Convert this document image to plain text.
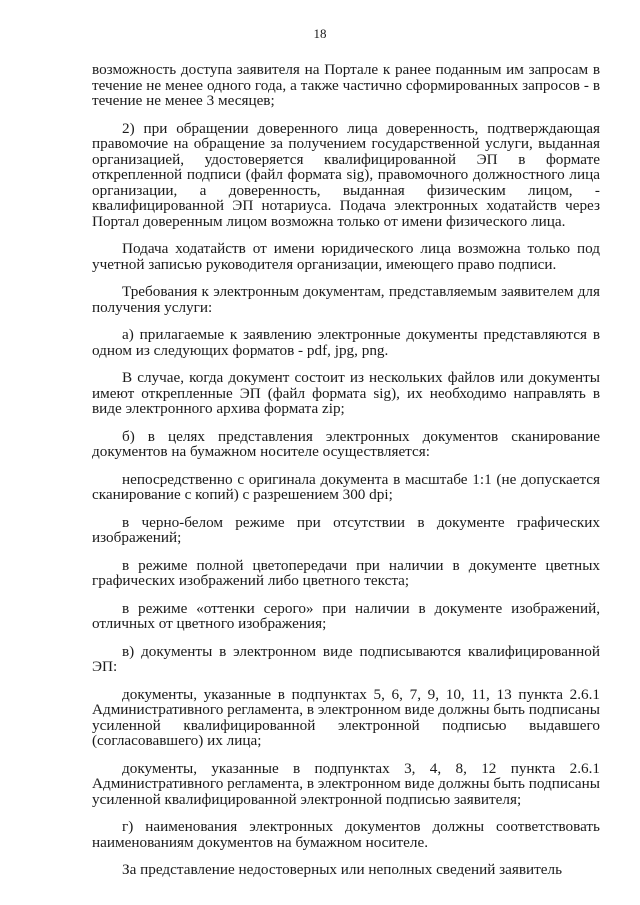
18

возможность доступа заявителя на Портале к ранее поданным им запросам в течение не менее одного года, а также частично сформированных запросов - в течение не менее 3 месяцев;

2) при обращении доверенного лица доверенность, подтверждающая правомочие на обращение за получением государственной услуги, выданная организацией, удостоверяется квалифицированной ЭП в формате открепленной подписи (файл формата sig), правомочного должностного лица организации, а доверенность, выданная физическим лицом, - квалифицированной ЭП нотариуса. Подача электронных ходатайств через Портал доверенным лицом возможна только от имени физического лица.

Подача ходатайств от имени юридического лица возможна только под учетной записью руководителя организации, имеющего право подписи.

Требования к электронным документам, представляемым заявителем для получения услуги:

а) прилагаемые к заявлению электронные документы представляются в одном из следующих форматов - pdf, jpg, png.

В случае, когда документ состоит из нескольких файлов или документы имеют открепленные ЭП (файл формата sig), их необходимо направлять в виде электронного архива формата zip;

б) в целях представления электронных документов сканирование документов на бумажном носителе осуществляется:

непосредственно с оригинала документа в масштабе 1:1 (не допускается сканирование с копий) с разрешением 300 dpi;

в черно-белом режиме при отсутствии в документе графических изображений;

в режиме полной цветопередачи при наличии в документе цветных графических изображений либо цветного текста;

в режиме «оттенки серого» при наличии в документе изображений, отличных от цветного изображения;

в) документы в электронном виде подписываются квалифицированной ЭП:

документы, указанные в подпунктах 5, 6, 7, 9, 10, 11, 13 пункта 2.6.1 Административного регламента, в электронном виде должны быть подписаны усиленной квалифицированной электронной подписью выдавшего (согласовавшего) их лица;

документы, указанные в подпунктах 3, 4, 8, 12 пункта 2.6.1 Административного регламента, в электронном виде должны быть подписаны усиленной квалифицированной электронной подписью заявителя;

г) наименования электронных документов должны соответствовать наименованиям документов на бумажном носителе.

За представление недостоверных или неполных сведений заявитель
